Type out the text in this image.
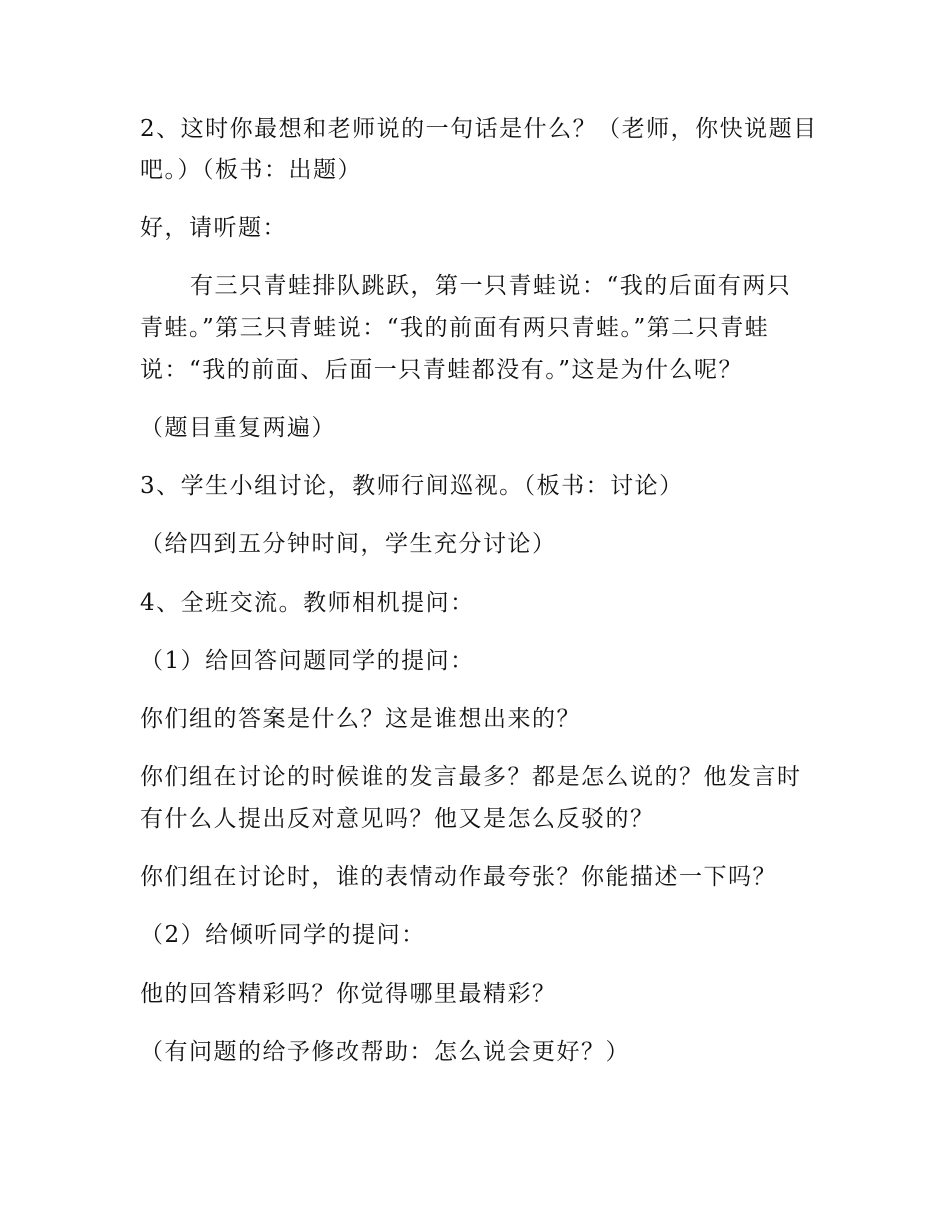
2、这时你最想和老师说的一句话是什么？（老师，你快说题目
吧。）（板书：出题）
好，请听题：
有三只青蛙排队跳跃，第一只青蛙说：“我的后面有两只
青蛙。”第三只青蛙说：“我的前面有两只青蛙。”第二只青蛙
说：“我的前面、后面一只青蛙都没有。”这是为什么呢？
（题目重复两遍）
3、学生小组讨论，教师行间巡视。（板书：讨论）
（给四到五分钟时间，学生充分讨论）
4、全班交流。教师相机提问：
（1）给回答问题同学的提问：
你们组的答案是什么？这是谁想出来的？
你们组在讨论的时候谁的发言最多？都是怎么说的？他发言时
有什么人提出反对意见吗？他又是怎么反驳的？
你们组在讨论时，谁的表情动作最夸张？你能描述一下吗？
（2）给倾听同学的提问：
他的回答精彩吗？你觉得哪里最精彩？
（有问题的给予修改帮助：怎么说会更好？）
